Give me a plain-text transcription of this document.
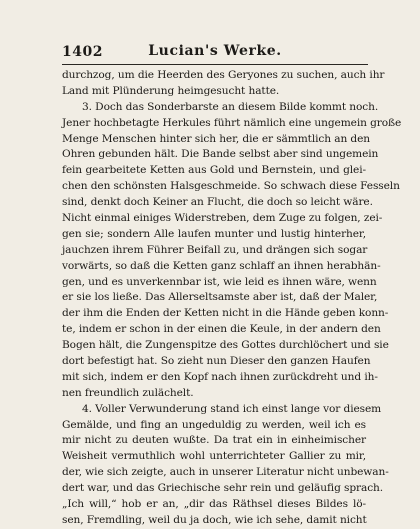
1402	Lucian's Werke.
durchzog, um die Heerden des Geryones zu suchen, auch ihr
Land mit Plünderung heimgesucht hatte.
3. Doch das Sonderbarste an diesem Bilde kommt noch.
Jener hochbetagte Herkules führt nämlich eine ungemein große
Menge Menschen hinter sich her, die er sämmtlich an den
Ohren gebunden hält. Die Bande selbst aber sind ungemein
fein gearbeitete Ketten aus Gold und Bernstein, und glei-
chen den schönsten Halsgeschmeide. So schwach diese Fesseln
sind, denkt doch Keiner an Flucht, die doch so leicht wäre.
Nicht einmal einiges Widerstreben, dem Zuge zu folgen, zei-
gen sie; sondern Alle laufen munter und lustig hinterher,
jauchzen ihrem Führer Beifall zu, und drängen sich sogar
vorwärts, so daß die Ketten ganz schlaff an ihnen herabhän-
gen, und es unverkennbar ist, wie leid es ihnen wäre, wenn
er sie los ließe. Das Allerseltsamste aber ist, daß der Maler,
der ihm die Enden der Ketten nicht in die Hände geben konn-
te, indem er schon in der einen die Keule, in der andern den
Bogen hält, die Zungenspitze des Gottes durchlöchert und sie
dort befestigt hat. So zieht nun Dieser den ganzen Haufen
mit sich, indem er den Kopf nach ihnen zurückdreht und ih-
nen freundlich zulächelt.
4. Voller Verwunderung stand ich einst lange vor diesem
Gemälde, und fing an ungeduldig zu werden, weil ich es
mir nicht zu deuten wußte. Da trat ein in einheimischer
Weisheit vermuthlich wohl unterrichteter Gallier zu mir,
der, wie sich zeigte, auch in unserer Literatur nicht unbewan-
dert war, und das Griechische sehr rein und geläufig sprach.
„Ich will,“ hob er an, „dir das Räthsel dieses Bildes lö-
sen, Fremdling, weil du ja doch, wie ich sehe, damit nicht
